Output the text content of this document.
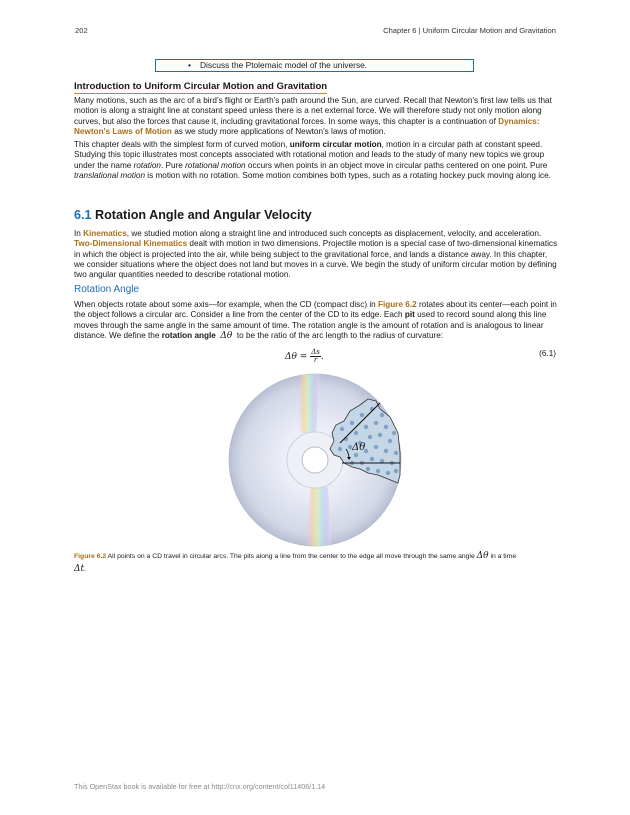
202	Chapter 6 | Uniform Circular Motion and Gravitation
• Discuss the Ptolemaic model of the universe.
Introduction to Uniform Circular Motion and Gravitation

Many motions, such as the arc of a bird’s flight or Earth’s path around the Sun, are curved. Recall that Newton’s first law tells us that motion is along a straight line at constant speed unless there is a net external force. We will therefore study not only motion along curves, but also the forces that cause it, including gravitational forces. In some ways, this chapter is a continuation of Dynamics: Newton's Laws of Motion as we study more applications of Newton’s laws of motion.

This chapter deals with the simplest form of curved motion, uniform circular motion, motion in a circular path at constant speed. Studying this topic illustrates most concepts associated with rotational motion and leads to the study of many new topics we group under the name rotation. Pure rotational motion occurs when points in an object move in circular paths centered on one point. Pure translational motion is motion with no rotation. Some motion combines both types, such as a rotating hockey puck moving along ice.

6.1 Rotation Angle and Angular Velocity

In Kinematics, we studied motion along a straight line and introduced such concepts as displacement, velocity, and acceleration. Two-Dimensional Kinematics dealt with motion in two dimensions. Projectile motion is a special case of two-dimensional kinematics in which the object is projected into the air, while being subject to the gravitational force, and lands a distance away. In this chapter, we consider situations where the object does not land but moves in a curve. We begin the study of uniform circular motion by defining two angular quantities needed to describe rotational motion.

Rotation Angle

When objects rotate about some axis—for example, when the CD (compact disc) in Figure 6.2 rotates about its center—each point in the object follows a circular arc. Consider a line from the center of the CD to its edge. Each pit used to record sound along this line moves through the same angle in the same amount of time. The rotation angle is the amount of rotation and is analogous to linear distance. We define the rotation angle Δθ  to be the ratio of the arc length to the radius of curvature:

$\Delta\theta = \frac{\Delta s}{r}$.	(6.1)
Δθ
Figure 6.2 All points on a CD travel in circular arcs. The pits along a line from the center to the edge all move through the same angle Δθ in a time
Δt.
This OpenStax book is available for free at http://cnx.org/content/col11406/1.14
